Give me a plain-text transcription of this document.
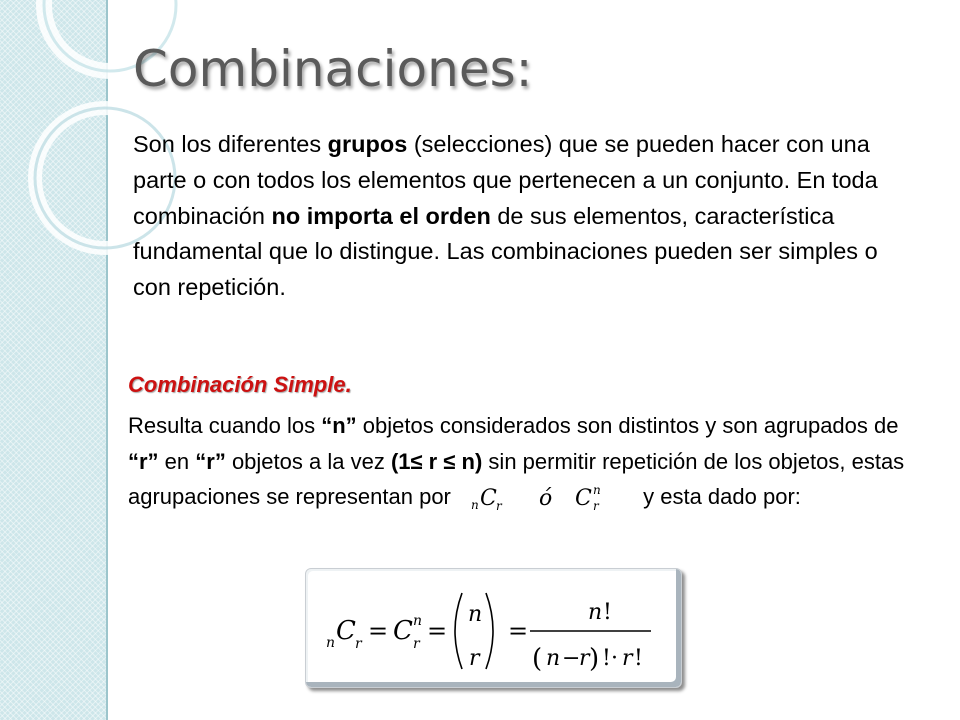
Combinaciones:

Son los diferentes grupos (selecciones) que se pueden hacer con una parte o con todos los elementos que pertenecen a un conjunto. En toda combinación no importa el orden de sus elementos, característica fundamental que lo distingue. Las combinaciones pueden ser simples o con repetición.

Combinación Simple.

Resulta cuando los “n” objetos considerados son distintos y son agrupados de “r” en “r” objetos a la vez (1≤ r ≤ n) sin permitir repetición de los objetos, estas agrupaciones se representan por n C r ó C n
r y esta dado por:

n C r = C n
r =
n
r
=
n !
( n −
r ) ! · r !
